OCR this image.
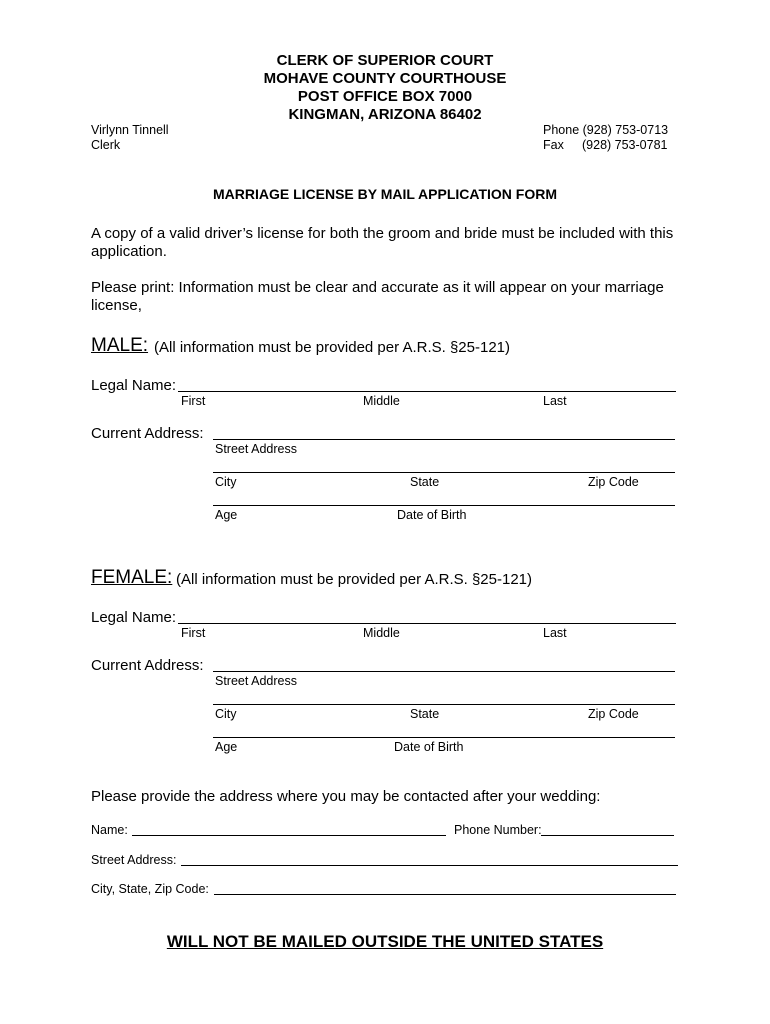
CLERK OF SUPERIOR COURT
MOHAVE COUNTY COURTHOUSE
POST OFFICE BOX 7000
KINGMAN, ARIZONA 86402
Virlynn Tinnell
Clerk
Phone (928) 753-0713
Fax (928) 753-0781
MARRIAGE LICENSE BY MAIL APPLICATION FORM
A copy of a valid driver’s license for both the groom and bride must be included with this
application.
Please print: Information must be clear and accurate as it will appear on your marriage
license,
MALE: (All information must be provided per A.R.S. §25-121)
Legal Name:
First	Middle	Last
Current Address:
Street Address
City	State	Zip Code
Age	Date of Birth
FEMALE: (All information must be provided per A.R.S. §25-121)
Legal Name:
First	Middle	Last
Current Address:
Street Address
City	State	Zip Code
Age	Date of Birth
Please provide the address where you may be contacted after your wedding:
Name:	Phone Number:
Street Address:
City, State, Zip Code:
WILL NOT BE MAILED OUTSIDE THE UNITED STATES
